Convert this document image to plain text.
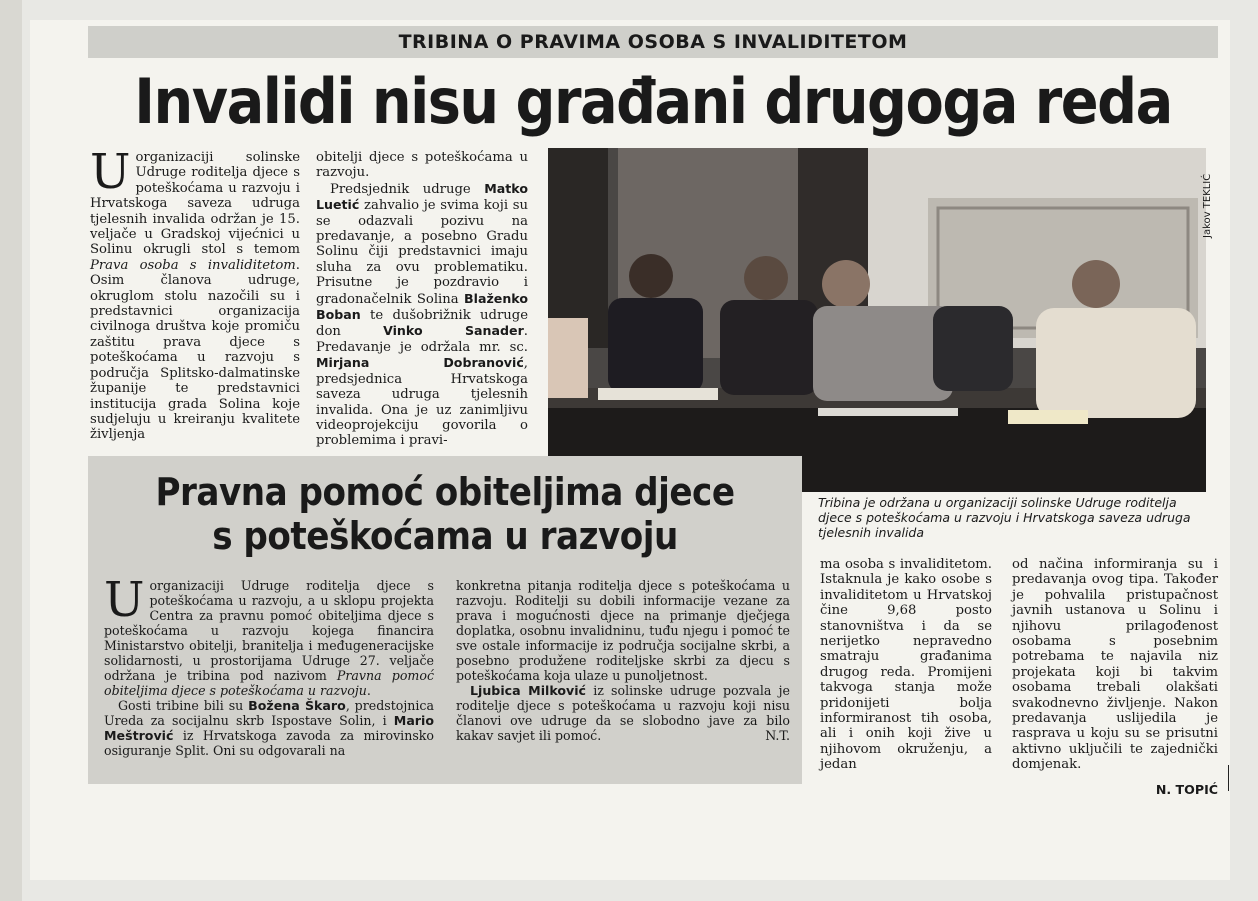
TRIBINA O PRAVIMA OSOBA S INVALIDITETOM
Invalidi nisu građani drugoga reda

Uorganizaciji solinske Udruge roditelja djece s poteškoćama u razvoju i Hrvatskoga saveza udruga tjelesnih invalida održan je 15. veljače u Gradskoj vijećnici u Solinu okrugli stol s temom Prava osoba s invaliditetom. Osim članova udruge, okruglom stolu nazočili su i predstavnici organizacija civilnoga društva koje promiču zaštitu prava djece s poteškoćama u razvoju s područja Splitsko-dalmatinske županije te predstavnici institucija grada Solina koje sudjeluju u kreiranju kvalitete življenja

obitelji djece s poteškoćama u razvoju.

Predsjednik udruge Matko Luetić zahvalio je svima koji su se odazvali pozivu na predavanje, a posebno Gradu Solinu čiji predstavnici imaju sluha za ovu problematiku. Prisutne je pozdravio i gradonačelnik Solina Blaženko Boban te dušobrižnik udruge don Vinko Sanader. Predavanje je održala mr. sc. Mirjana Dobranović, predsjednica Hrvatskoga saveza udruga tjelesnih invalida. Ona je uz zanimljivu videoprojekciju govorila o problemima i pravi-

Jakov TEKLIĆ
Tribina je održana u organizaciji solinske Udruge roditelja djece s poteškoćama u razvoju i Hrvatskoga saveza udruga tjelesnih invalida

ma osoba s invaliditetom. Istaknula je kako osobe s invaliditetom u Hrvatskoj čine 9,68 posto stanovništva i da se nerijetko nepravedno smatraju građanima drugog reda. Promijeni takvoga stanja može pridonijeti bolja informiranost tih osoba, ali i onih koji žive u njihovom okruženju, a jedan

od načina informiranja su i predavanja ovog tipa. Također je pohvalila pristupačnost javnih ustanova u Solinu i njihovu prilagođenost osobama s posebnim potrebama te najavila niz projekata koji bi takvim osobama trebali olakšati svakodnevno življenje. Nakon predavanja uslijedila je rasprava u koju su se prisutni aktivno uključili te zajednički domjenak.

N. TOPIĆ

Pravna pomoć obiteljima djece
s poteškoćama u razvoju

Uorganizaciji Udruge roditelja djece s poteškoćama u razvoju, a u sklopu projekta Centra za pravnu pomoć obiteljima djece s poteškoćama u razvoju kojega financira Ministarstvo obitelji, branitelja i međugeneracijske solidarnosti, u prostorijama Udruge 27. veljače održana je tribina pod nazivom Pravna pomoć obiteljima djece s poteškoćama u razvoju.

Gosti tribine bili su Božena Škaro, predstojnica Ureda za socijalnu skrb Ispostave Solin, i Mario Meštrović iz Hrvatskoga zavoda za mirovinsko osiguranje Split. Oni su odgovarali na

konkretna pitanja roditelja djece s poteškoćama u razvoju. Roditelji su dobili informacije vezane za prava i mogućnosti djece na primanje dječjega doplatka, osobnu invalidninu, tuđu njegu i pomoć te sve ostale informacije iz područja socijalne skrbi, a posebno produžene roditeljske skrbi za djecu s poteškoćama koja ulaze u punoljetnost.

Ljubica Milković iz solinske udruge pozvala je roditelje djece s poteškoćama u razvoju koji nisu članovi ove udruge da se slobodno jave za bilo kakav savjet ili pomoć.	N.T.
